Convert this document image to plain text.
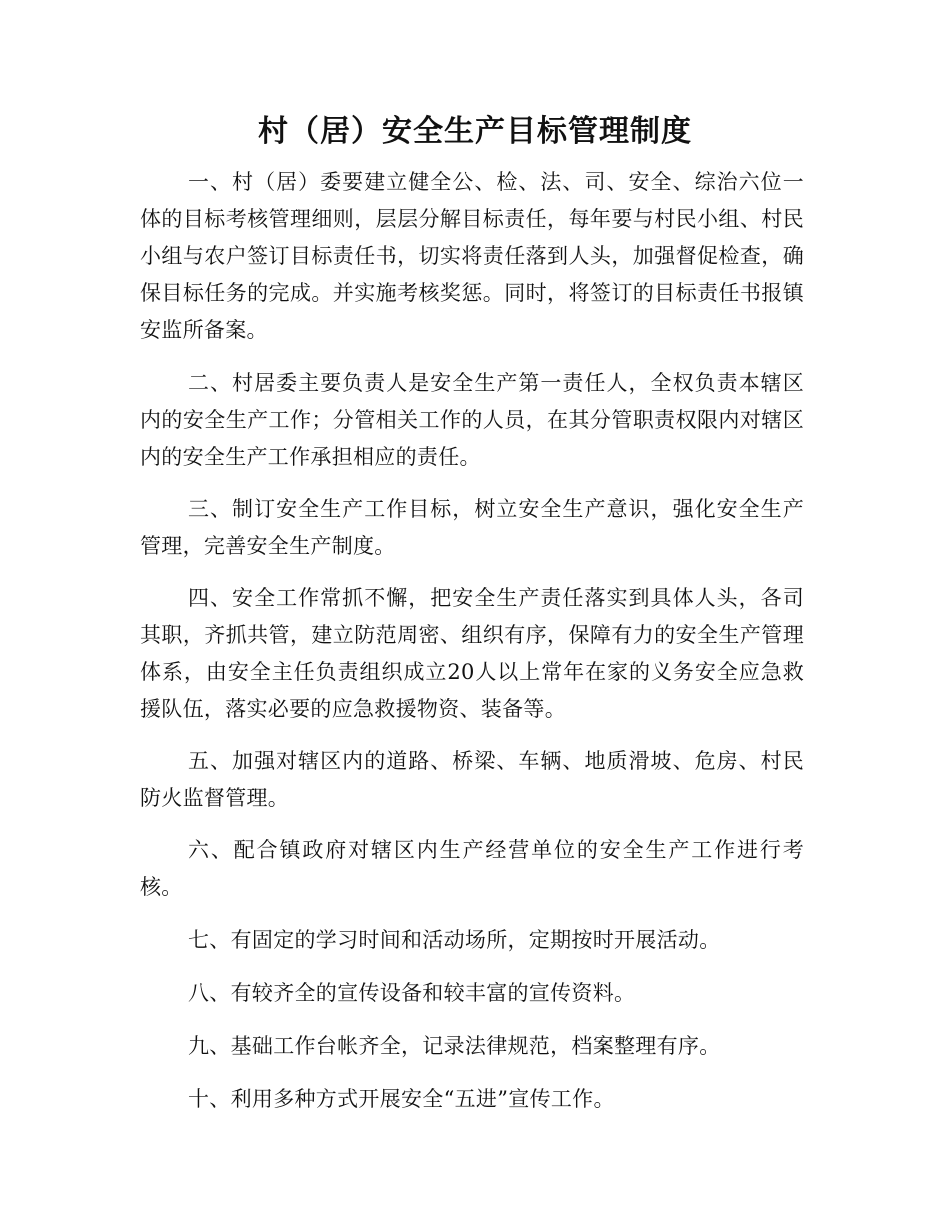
村（居）安全生产目标管理制度

一、村（居）委要建立健全公、检、法、司、安全、综治六位一体的目标考核管理细则，层层分解目标责任，每年要与村民小组、村民小组与农户签订目标责任书，切实将责任落到人头，加强督促检查，确保目标任务的完成。并实施考核奖惩。同时，将签订的目标责任书报镇安监所备案。

二、村居委主要负责人是安全生产第一责任人，全权负责本辖区内的安全生产工作；分管相关工作的人员，在其分管职责权限内对辖区内的安全生产工作承担相应的责任。

三、制订安全生产工作目标，树立安全生产意识，强化安全生产管理，完善安全生产制度。

四、安全工作常抓不懈，把安全生产责任落实到具体人头，各司其职，齐抓共管，建立防范周密、组织有序，保障有力的安全生产管理体系，由安全主任负责组织成立20人以上常年在家的义务安全应急救援队伍，落实必要的应急救援物资、装备等。

五、加强对辖区内的道路、桥梁、车辆、地质滑坡、危房、村民防火监督管理。

六、配合镇政府对辖区内生产经营单位的安全生产工作进行考核。

七、有固定的学习时间和活动场所，定期按时开展活动。

八、有较齐全的宣传设备和较丰富的宣传资料。

九、基础工作台帐齐全，记录法律规范，档案整理有序。

十、利用多种方式开展安全“五进”宣传工作。
